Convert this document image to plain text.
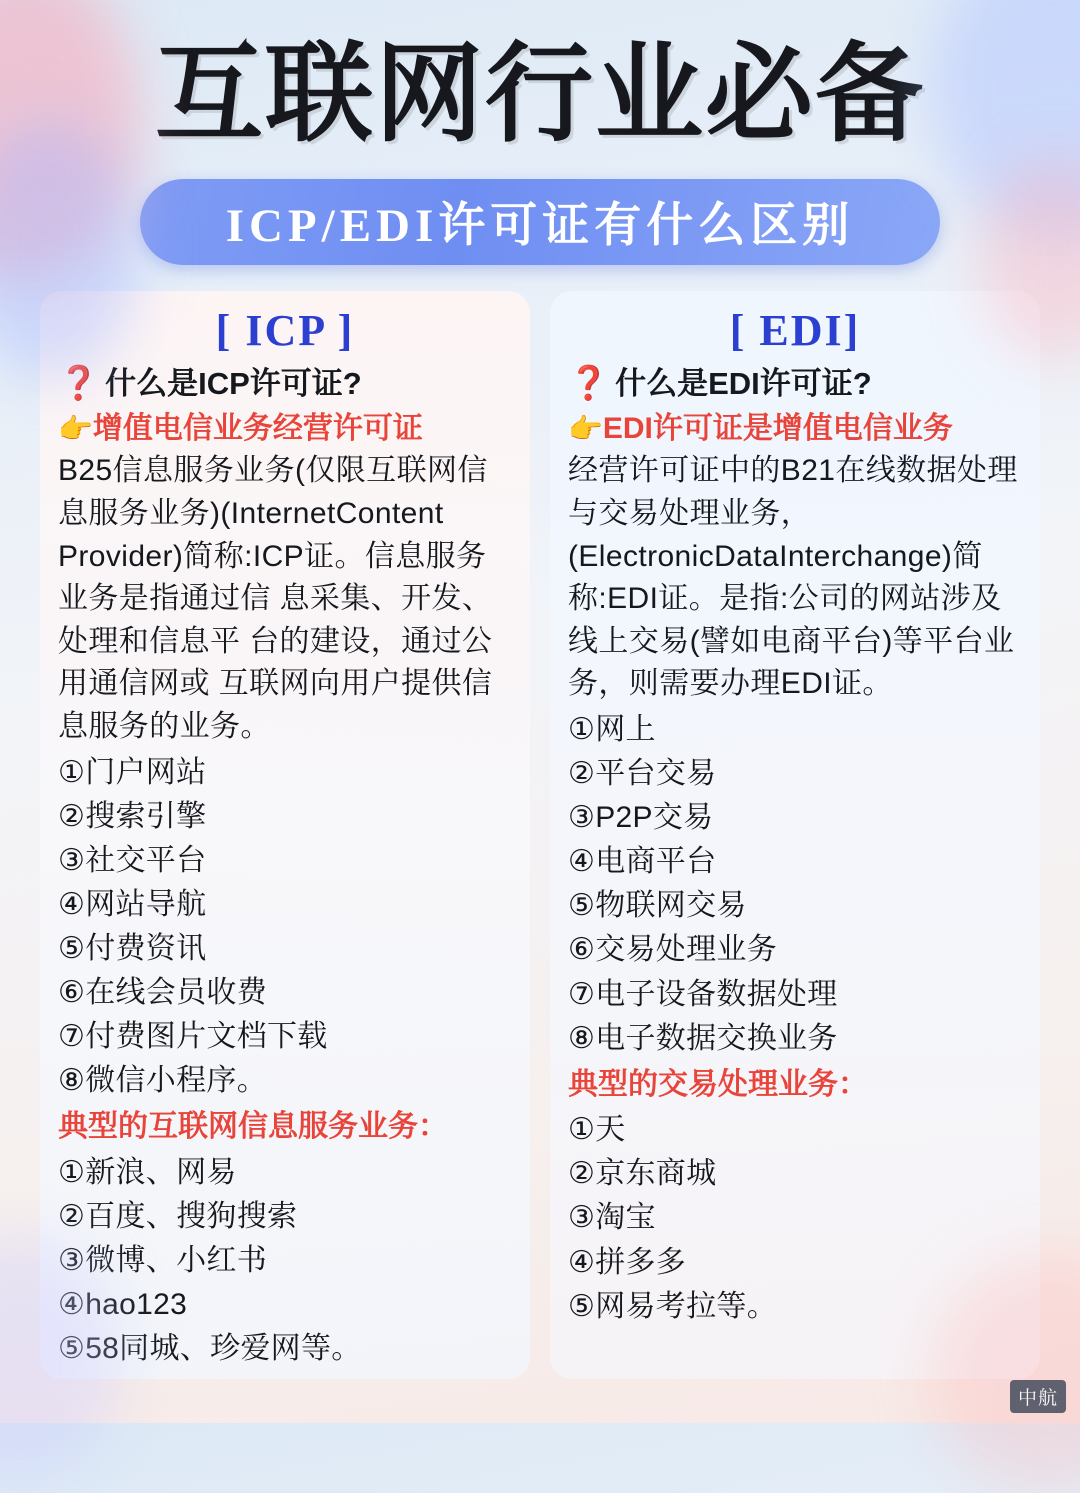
互联网行业必备
ICP/EDI许可证有什么区别
[ ICP ]
❓ 什么是ICP许可证?
👉增值电信业务经营许可证
B25信息服务业务(仅限互联网信息服务业务)(InternetContent Provider)简称:ICP证。信息服务业务是指通过信 息采集、开发、处理和信息平 台的建设，通过公用通信网或 互联网向用户提供信息服务的业务。
①门户网站
②搜索引擎
③社交平台
④网站导航
⑤付费资讯
⑥在线会员收费
⑦付费图片文档下载
⑧微信小程序。
典型的互联网信息服务业务：
①新浪、网易
②百度、搜狗搜索
③微博、小红书
④hao123
⑤58同城、珍爱网等。
[ EDI]
❓ 什么是EDI许可证?
👉EDI许可证是增值电信业务
经营许可证中的B21在线数据处理与交易处理业务，(ElectronicDataInterchange)简称:EDI证。是指:公司的网站涉及线上交易(譬如电商平台)等平台业务，则需要办理EDI证。
①网上
②平台交易
③P2P交易
④电商平台
⑤物联网交易
⑥交易处理业务
⑦电子设备数据处理
⑧电子数据交换业务
典型的交易处理业务：
①天
②京东商城
③淘宝
④拼多多
⑤网易考拉等。
中航
